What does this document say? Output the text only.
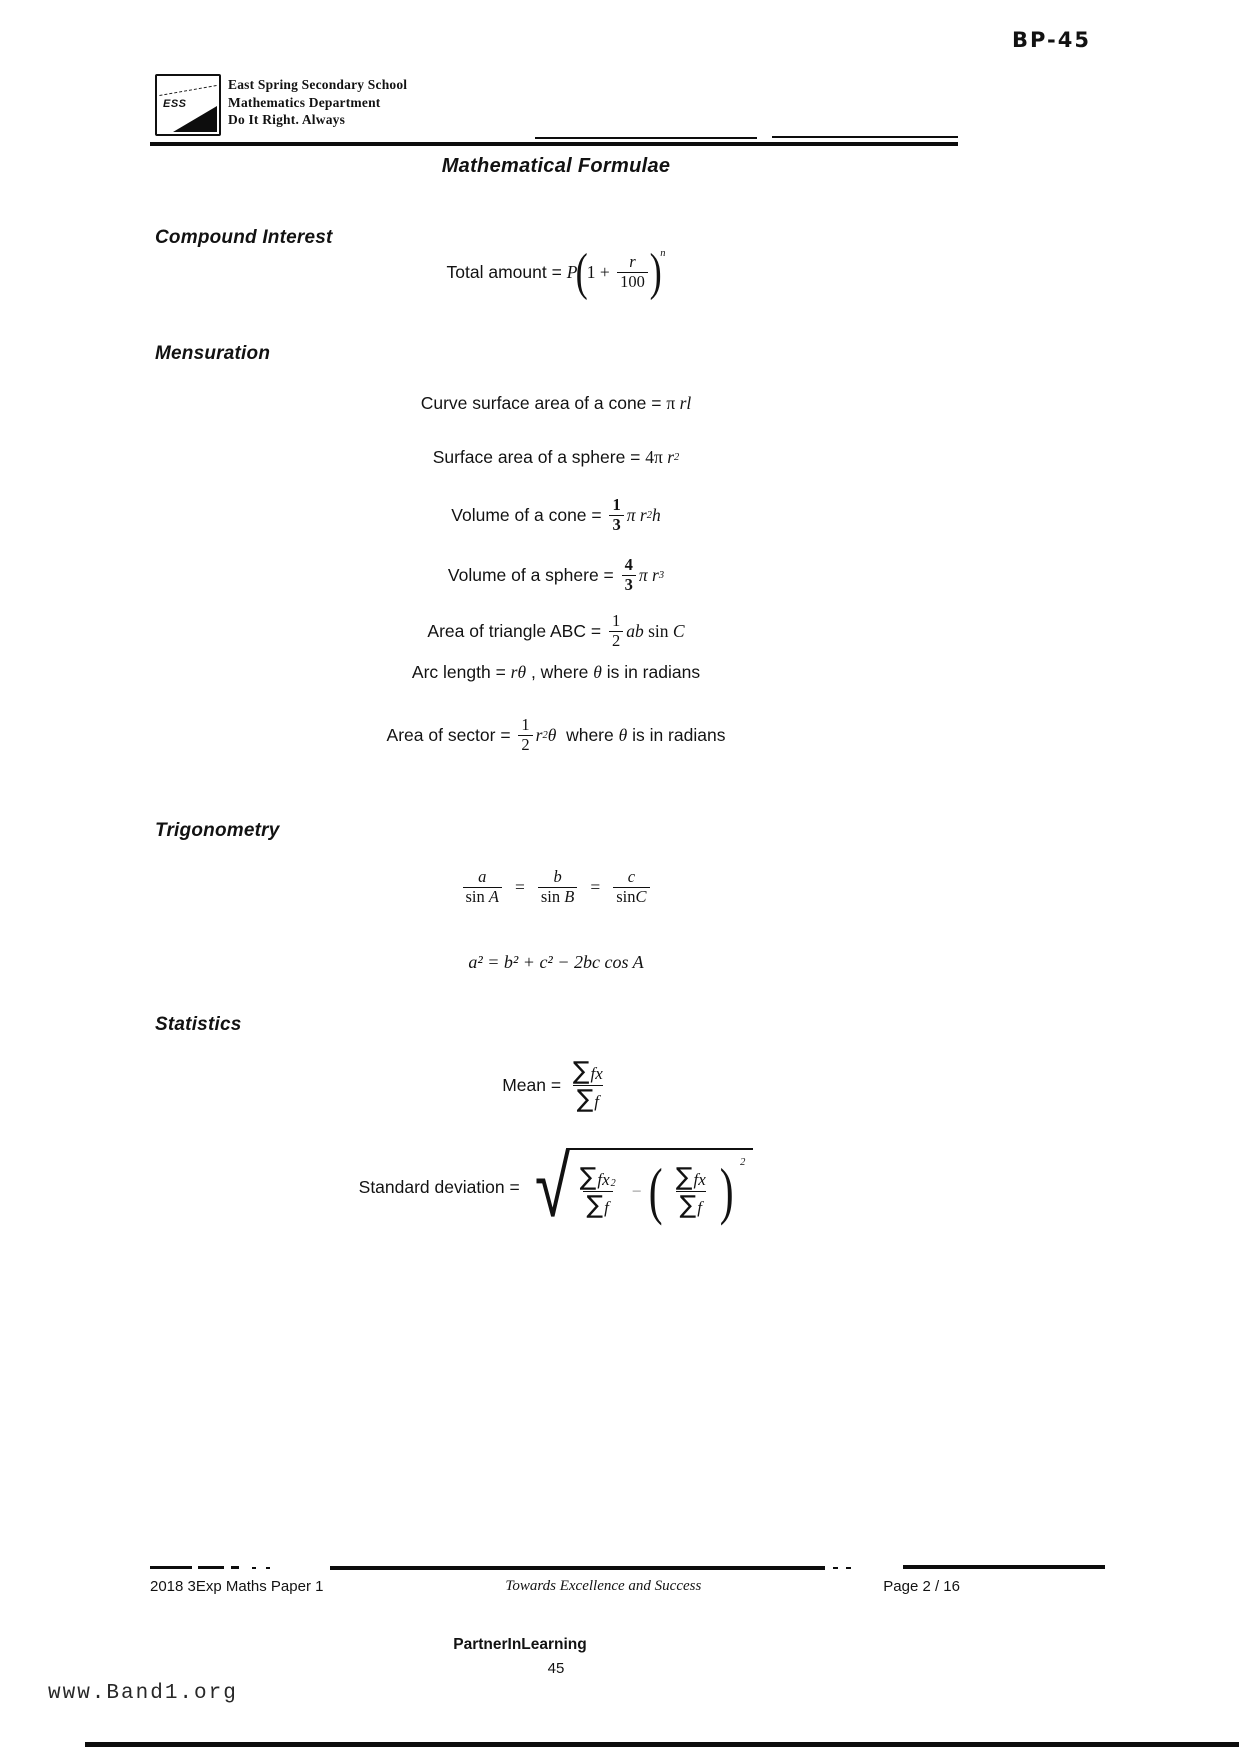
BP-45
ESS
East Spring Secondary School
Mathematics Department
Do It Right. Always
Mathematical Formulae
Compound Interest
Total amount = P
(
$1 + \frac{r}{100}$ )
n
Mensuration
Curve surface area of a cone = π rl
Surface area of a sphere = 4π r 2
Volume of a cone = $\frac{1}{3}$ π r 2 h
Volume of a sphere = $\frac{4}{3}$ π r 3
Area of triangle ABC = $\frac{1}{2}$ ab sin C
Arc length = rθ , where θ is in radians
Area of sector = $\frac{1}{2}$ r 2 θ where θ is in radians
Trigonometry
$\frac{a}{\text{sin A}} = \frac{b}{\text{sin B}} = \frac{c}{\sin C}$
a² = b² + c² − 2bc cos A
Statistics
Mean = $\frac{\sum fx}{\sum f}$
Standard deviation = √ $\frac{\sum fx_2}{\sum f}$ − ( $\frac{\sum fx}{\sum f}$ ) $^2$
2018 3Exp Maths Paper 1	Towards Excellence and Success	Page 2 / 16
PartnerInLearning
45
www.Band1.org
